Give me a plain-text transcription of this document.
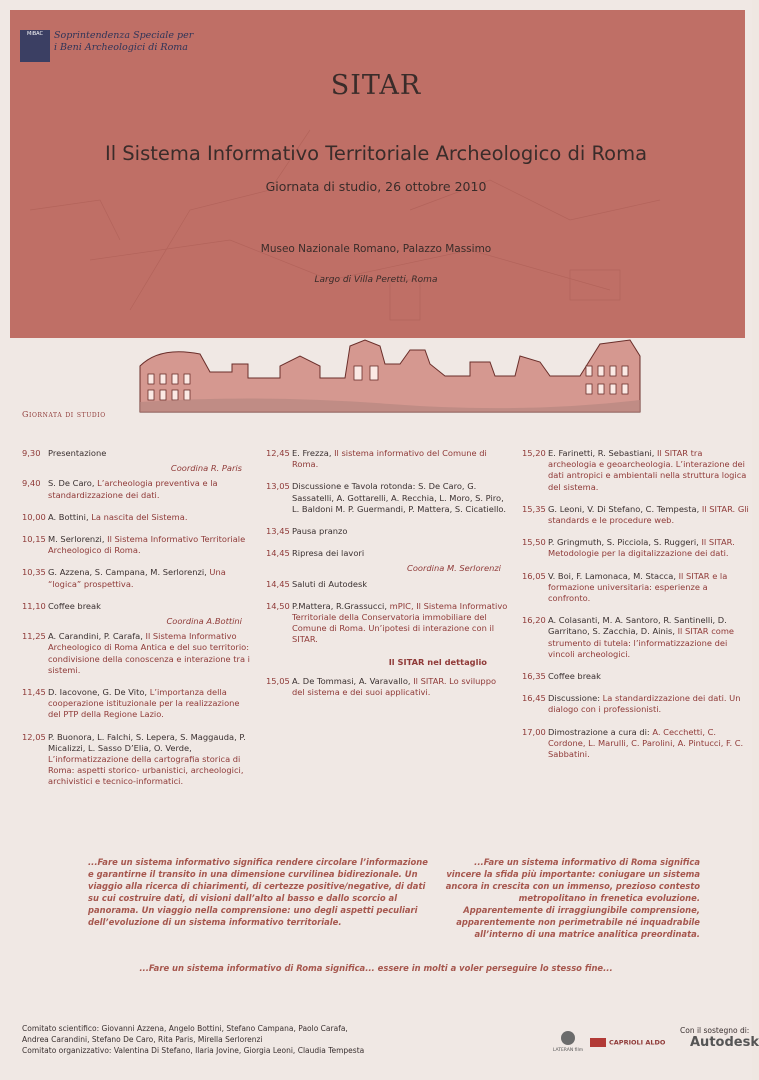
MiBAC	Soprintendenza Speciale per
i Beni Archeologici di Roma
SITAR
Il Sistema Informativo Territoriale Archeologico di Roma
Giornata di studio, 26 ottobre 2010
Museo Nazionale Romano, Palazzo Massimo
Largo di Villa Peretti, Roma
Giornata di studio
9,30 Presentazione
Coordina R. Paris
9,40 S. De Caro, L’archeologia preventiva e la standardizzazione dei dati.
10,00 A. Bottini, La nascita del Sistema.
10,15 M. Serlorenzi, Il Sistema Informativo Territoriale Archeologico di Roma.
10,35 G. Azzena, S. Campana, M. Serlorenzi, Una “logica” prospettiva.
11,10 Coffee break
Coordina A.Bottini
11,25 A. Carandini, P. Carafa, Il Sistema Informativo Archeologico di Roma Antica e del suo territorio: condivisione della conoscenza e interazione tra i sistemi.
11,45 D. Iacovone, G. De Vito, L’importanza della cooperazione istituzionale per la realizzazione del PTP della Regione Lazio.
12,05 P. Buonora, L. Falchi, S. Lepera, S. Maggauda, P. Micalizzi, L. Sasso D’Elia, O. Verde, L’informatizzazione della cartografia storica di Roma: aspetti storico- urbanistici, archeologici, archivistici e tecnico-informatici.
12,45 E. Frezza, Il sistema informativo del Comune di Roma.
13,05 Discussione e Tavola rotonda: S. De Caro, G. Sassatelli, A. Gottarelli, A. Recchia, L. Moro, S. Piro, L. Baldoni M. P. Guermandi, P. Mattera, S. Cicatiello.
13,45 Pausa pranzo
14,45 Ripresa dei lavori
Coordina M. Serlorenzi
14,45 Saluti di Autodesk
14,50 P.Mattera, R.Grassucci, mPIC, Il Sistema Informativo Territoriale della Conservatoria immobiliare del Comune di Roma. Un’ipotesi di interazione con il SITAR.
Il SITAR nel dettaglio
15,05 A. De Tommasi, A. Varavallo, Il SITAR. Lo sviluppo del sistema e dei suoi applicativi.
15,20 E. Farinetti, R. Sebastiani, Il SITAR tra archeologia e geoarcheologia. L’interazione dei dati antropici e ambientali nella struttura logica del sistema.
15,35 G. Leoni, V. Di Stefano, C. Tempesta, Il SITAR. Gli standards e le procedure web.
15,50 P. Gringmuth, S. Picciola, S. Ruggeri, Il SITAR. Metodologie per la digitalizzazione dei dati.
16,05 V. Boi, F. Lamonaca, M. Stacca, Il SITAR e la formazione universitaria: esperienze a confronto.
16,20 A. Colasanti, M. A. Santoro, R. Santinelli, D. Garritano, S. Zacchia, D. Ainis, Il SITAR come strumento di tutela: l’informatizzazione dei vincoli archeologici.
16,35 Coffee break
16,45 Discussione: La standardizzazione dei dati. Un dialogo con i professionisti.
17,00 Dimostrazione a cura di: A. Cecchetti, C. Cordone, L. Marulli, C. Parolini, A. Pintucci, F. C. Sabbatini.
...Fare un sistema informativo significa rendere circolare l’informazione e garantirne il transito in una dimensione curvilinea bidirezionale. Un viaggio alla ricerca di chiarimenti, di certezze positive/negative, di dati su cui costruire dati, di visioni dall’alto al basso e dallo scorcio al panorama. Un viaggio nella comprensione: uno degli aspetti peculiari dell’evoluzione di un sistema informativo territoriale.
...Fare un sistema informativo di Roma significa vincere la sfida più importante: coniugare un sistema ancora in crescita con un immenso, prezioso contesto metropolitano in frenetica evoluzione. Apparentemente di irraggiungibile comprensione, apparentemente non perimetrabile né inquadrabile all’interno di una matrice analitica preordinata.
...Fare un sistema informativo di Roma significa... essere in molti a voler perseguire lo stesso fine...
Comitato scientifico: Giovanni Azzena, Angelo Bottini, Stefano Campana, Paolo Carafa,
Andrea Carandini, Stefano De Caro, Rita Paris, Mirella Serlorenzi
Comitato organizzativo: Valentina Di Stefano, Ilaria Jovine, Giorgia Leoni, Claudia Tempesta	LATERAN film
CAPRIOLI ALDO
Con il sostegno di:
Autodesk
